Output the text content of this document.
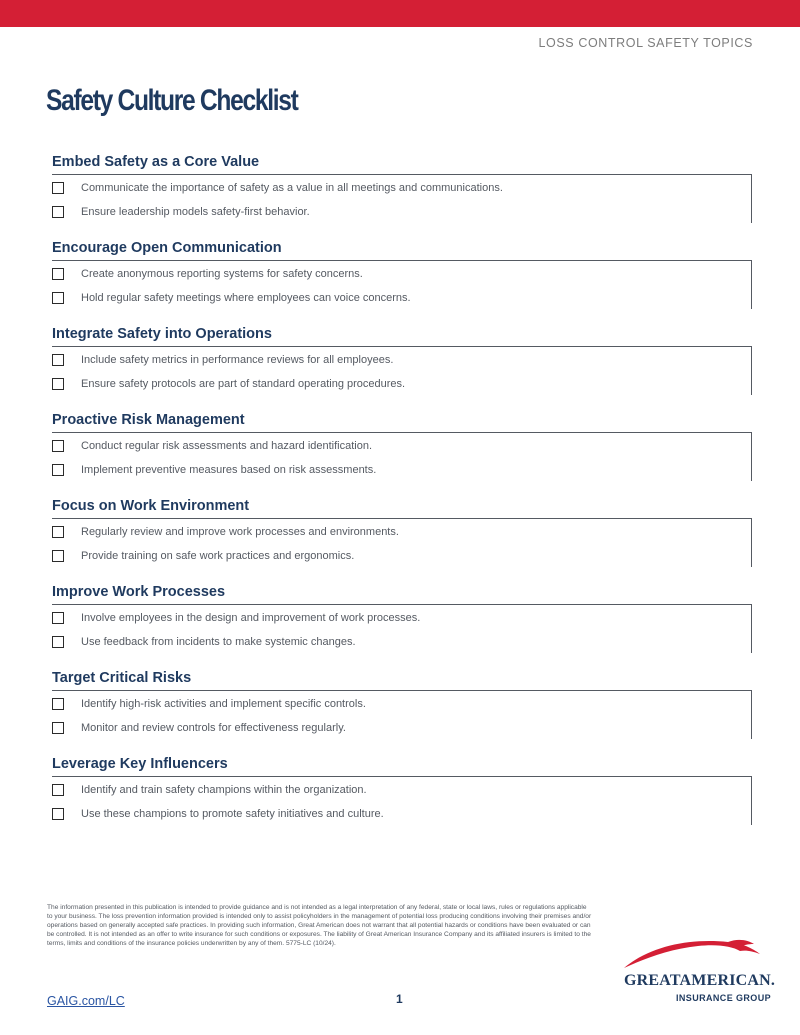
LOSS CONTROL SAFETY TOPICS
Safety Culture Checklist
Embed Safety as a Core Value
Communicate the importance of safety as a value in all meetings and communications.
Ensure leadership models safety-first behavior.
Encourage Open Communication
Create anonymous reporting systems for safety concerns.
Hold regular safety meetings where employees can voice concerns.
Integrate Safety into Operations
Include safety metrics in performance reviews for all employees.
Ensure safety protocols are part of standard operating procedures.
Proactive Risk Management
Conduct regular risk assessments and hazard identification.
Implement preventive measures based on risk assessments.
Focus on Work Environment
Regularly review and improve work processes and environments.
Provide training on safe work practices and ergonomics.
Improve Work Processes
Involve employees in the design and improvement of work processes.
Use feedback from incidents to make systemic changes.
Target Critical Risks
Identify high-risk activities and implement specific controls.
Monitor and review controls for effectiveness regularly.
Leverage Key Influencers
Identify and train safety champions within the organization.
Use these champions to promote safety initiatives and culture.
The information presented in this publication is intended to provide guidance and is not intended as a legal interpretation of any federal, state or local laws, rules or regulations applicable to your business. The loss prevention information provided is intended only to assist policyholders in the management of potential loss producing conditions involving their premises and/or operations based on generally accepted safe practices. In providing such information, Great American does not warrant that all potential hazards or conditions have been evaluated or can be controlled. It is not intended as an offer to write insurance for such conditions or exposures. The liability of Great American Insurance Company and its affiliated insurers is limited to the terms, limits and conditions of the insurance policies underwritten by any of them. 5775-LC (10/24).
GAIG.com/LC	1
GREATAMERICAN.
INSURANCE GROUP
